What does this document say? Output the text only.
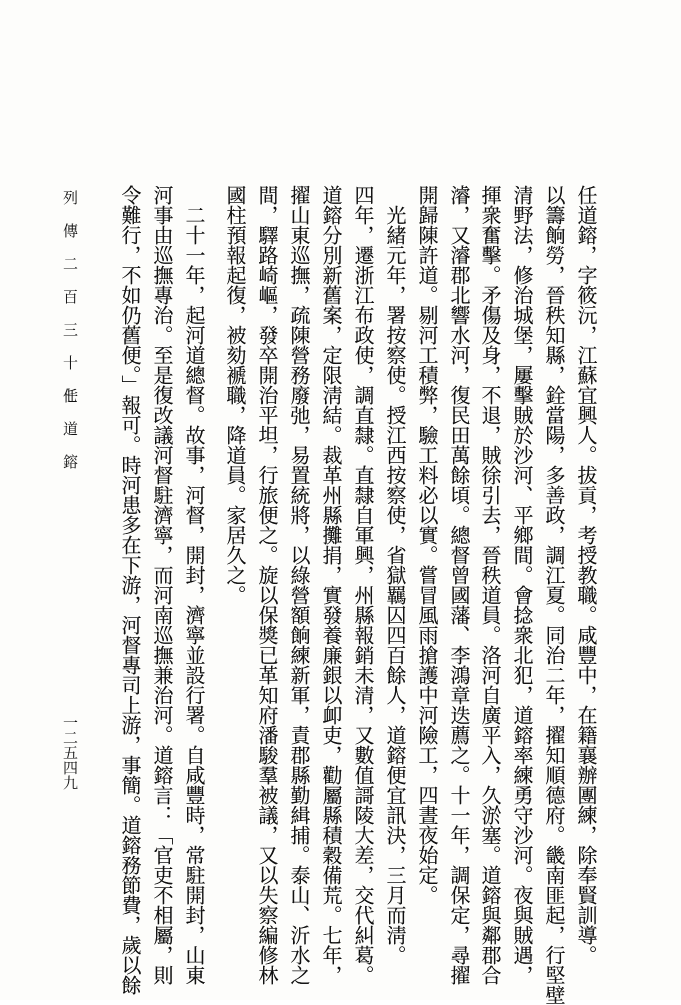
任道鎔，字筱沅，江蘇宜興人。拔貢，考授教職。咸豐中，在籍襄辦團練，除奉賢訓導。
以籌餉勞，晉秩知縣，銓當陽，多善政，調江夏。同治二年，擢知順德府。畿南匪起，行堅壁
清野法，修治城堡，屢擊賊於沙河、平鄉間。會捻衆北犯，道鎔率練勇守沙河。夜與賊遇，
揮衆奮擊。矛傷及身，不退，賊徐引去，晉秩道員。洛河自廣平入，久淤塞。道鎔與鄰郡合
濬，又濬郡北響水河，復民田萬餘頃。總督曾國藩、李鴻章迭薦之。十一年，調保定，尋擢
開歸陳許道。剔河工積弊，驗工料必以實。嘗冒風雨搶護中河險工，四晝夜始定。
光緒元年，署按察使。授江西按察使，省獄羈囚四百餘人，道鎔便宜訊決，三月而淸。
四年，遷浙江布政使，調直隸。直隸自軍興，州縣報銷未清，又數值謌陵大差，交代糾葛。
道鎔分別新舊案，定限淸結。裁革州縣攤捐，實發養廉銀以卹吏，勸屬縣積穀備荒。七年，
擢山東巡撫，疏陳營務廢弛，易置統將，以綠營額餉練新軍，責郡縣勤緝捕。泰山、沂水之
間，驛路崎嶇，發卒開治平坦，行旅便之。旋以保獎已革知府潘駿羣被議，又以失察編修林
國柱預報起復，被劾褫職，降道員。家居久之。
二十一年，起河道總督。故事，河督，開封，濟寧並設行署。自咸豐時，常駐開封，山東
河事由巡撫專治。至是復改議河督駐濟寧，而河南巡撫兼治河。道鎔言：「官吏不相屬，則
令難行，不如仍舊便。」報可。時河患多在下游，河督專司上游，事簡。道鎔務節費，歲以餘
列 傳 二 百 三 十 七
任 道 鎔
一二五四九
